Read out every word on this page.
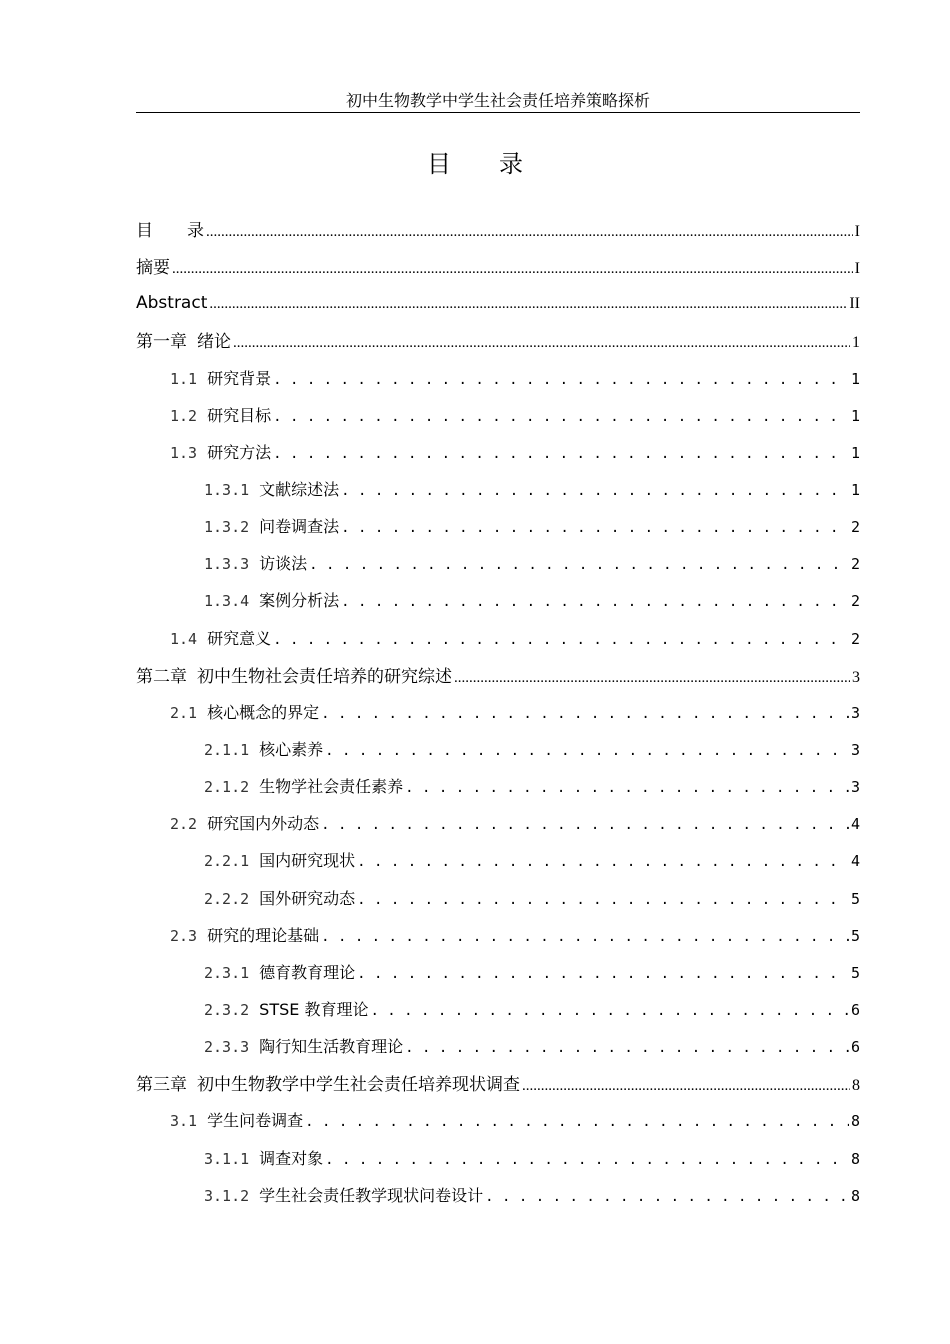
初中生物教学中学生社会责任培养策略探析
目 录
目　　录 .....	I
摘要 .....	I
Abstract .....	II
第一章 绪论 .....	1
1.1 研究背景 . . .	1
1.2 研究目标 . . .	1
1.3 研究方法 . . .	1
1.3.1 文献综述法 . . .	1
1.3.2 问卷调查法 . . .	2
1.3.3 访谈法 . . .	2
1.3.4 案例分析法 . . .	2
1.4 研究意义 . . .	2
第二章 初中生物社会责任培养的研究综述 .....	3
2.1 核心概念的界定 . . .	3
2.1.1 核心素养 . . .	3
2.1.2 生物学社会责任素养 . . .	3
2.2 研究国内外动态 . . .	4
2.2.1 国内研究现状 . . .	4
2.2.2 国外研究动态 . . .	5
2.3 研究的理论基础 . . .	5
2.3.1 德育教育理论 . . .	5
2.3.2 STSE 教育理论 . . .	6
2.3.3 陶行知生活教育理论 . . .	6
第三章 初中生物教学中学生社会责任培养现状调查 .....	8
3.1 学生问卷调查 . . .	8
3.1.1 调查对象 . . .	8
3.1.2 学生社会责任教学现状问卷设计 . . .	8
